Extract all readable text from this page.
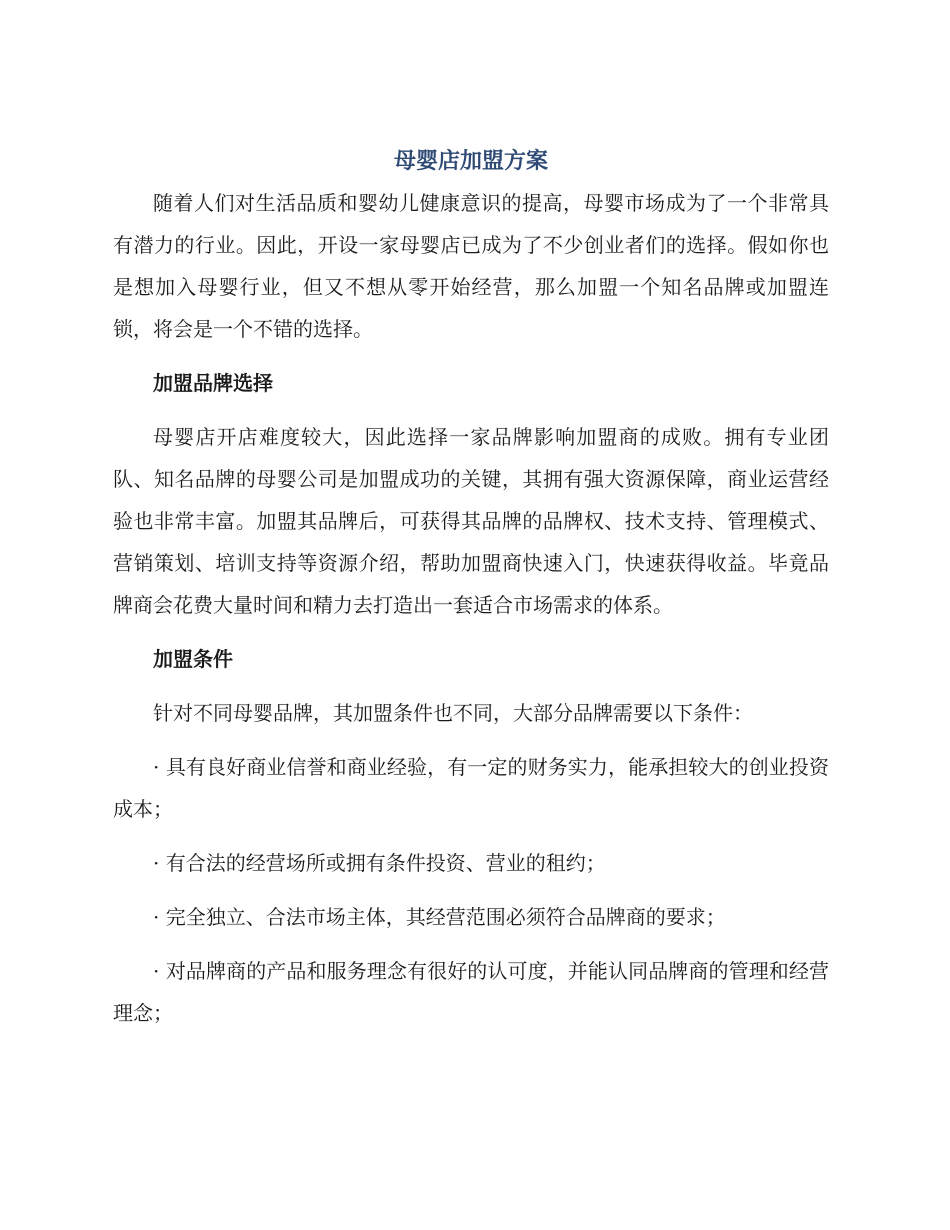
母婴店加盟方案

随着人们对生活品质和婴幼儿健康意识的提高，母婴市场成为了一个非常具有潜力的行业。因此，开设一家母婴店已成为了不少创业者们的选择。假如你也是想加入母婴行业，但又不想从零开始经营，那么加盟一个知名品牌或加盟连锁，将会是一个不错的选择。

加盟品牌选择

母婴店开店难度较大，因此选择一家品牌影响加盟商的成败。拥有专业团队、知名品牌的母婴公司是加盟成功的关键，其拥有强大资源保障，商业运营经验也非常丰富。加盟其品牌后，可获得其品牌的品牌权、技术支持、管理模式、营销策划、培训支持等资源介绍，帮助加盟商快速入门，快速获得收益。毕竟品牌商会花费大量时间和精力去打造出一套适合市场需求的体系。

加盟条件

针对不同母婴品牌，其加盟条件也不同，大部分品牌需要以下条件：

· 具有良好商业信誉和商业经验，有一定的财务实力，能承担较大的创业投资成本；

· 有合法的经营场所或拥有条件投资、营业的租约；

· 完全独立、合法市场主体，其经营范围必须符合品牌商的要求；

· 对品牌商的产品和服务理念有很好的认可度，并能认同品牌商的管理和经营理念；
